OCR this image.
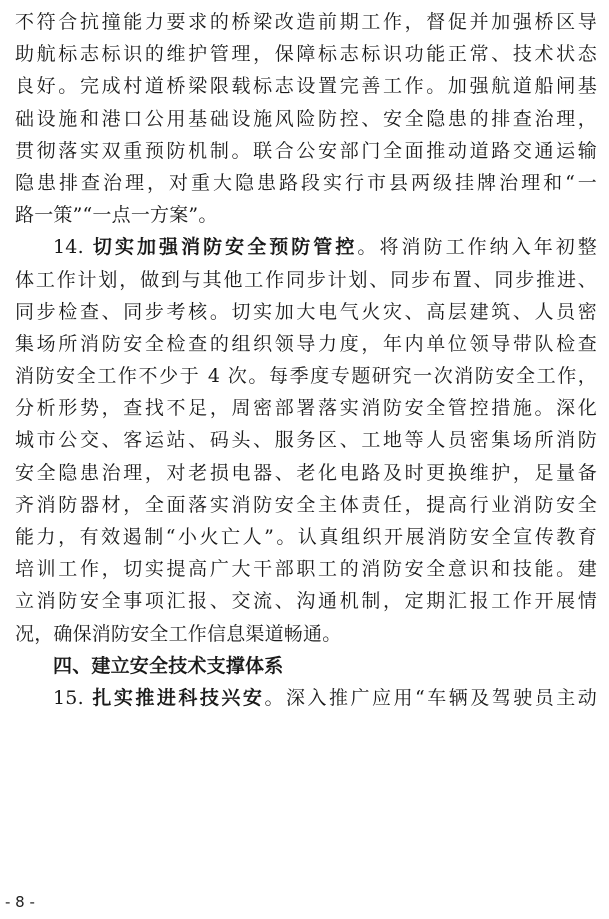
不符合抗撞能力要求的桥梁改造前期工作，督促并加强桥区导
助航标志标识的维护管理，保障标志标识功能正常、技术状态
良好。完成村道桥梁限载标志设置完善工作。加强航道船闸基
础设施和港口公用基础设施风险防控、安全隐患的排查治理，
贯彻落实双重预防机制。联合公安部门全面推动道路交通运输
隐患排查治理，对重大隐患路段实行市县两级挂牌治理和“一
路一策”“一点一方案”。
14. 切实加强消防安全预防管控。将消防工作纳入年初整
体工作计划，做到与其他工作同步计划、同步布置、同步推进、
同步检查、同步考核。切实加大电气火灾、高层建筑、人员密
集场所消防安全检查的组织领导力度，年内单位领导带队检查
消防安全工作不少于 4 次。每季度专题研究一次消防安全工作，
分析形势，查找不足，周密部署落实消防安全管控措施。深化
城市公交、客运站、码头、服务区、工地等人员密集场所消防
安全隐患治理，对老损电器、老化电路及时更换维护，足量备
齐消防器材，全面落实消防安全主体责任，提高行业消防安全
能力，有效遏制“小火亡人”。认真组织开展消防安全宣传教育
培训工作，切实提高广大干部职工的消防安全意识和技能。建
立消防安全事项汇报、交流、沟通机制，定期汇报工作开展情
况，确保消防安全工作信息渠道畅通。
四、建立安全技术支撑体系
15. 扎实推进科技兴安。深入推广应用“车辆及驾驶员主动
- 8 -
